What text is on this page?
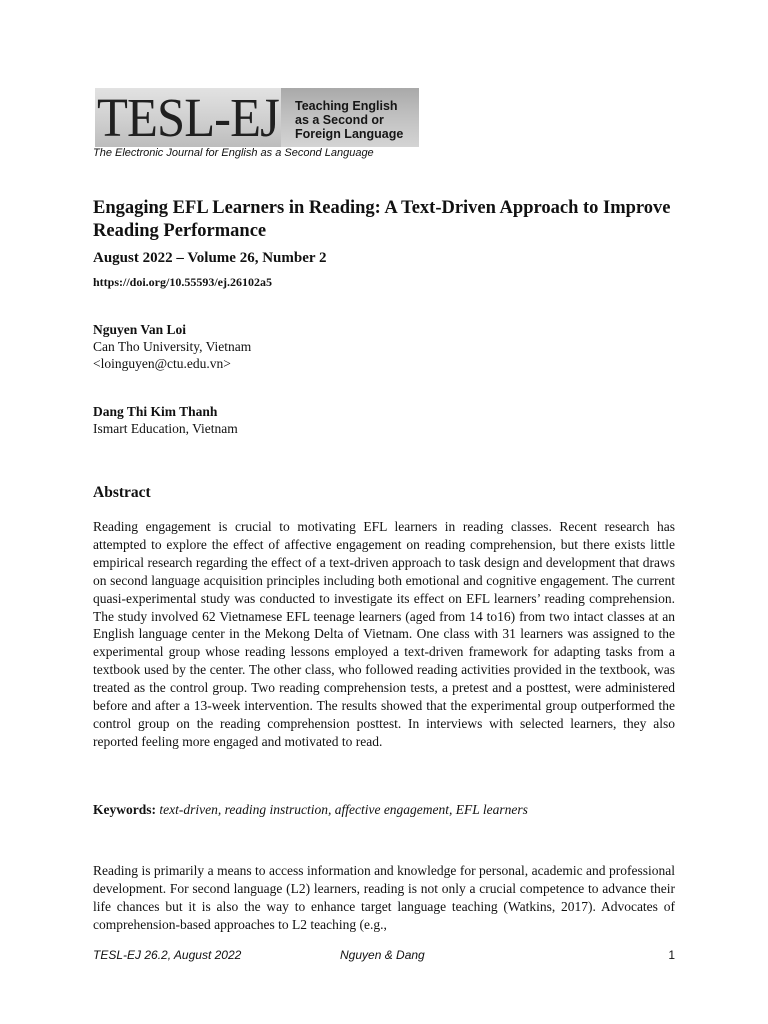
TESL-EJ Teaching English
as a Second or
Foreign Language
The Electronic Journal for English as a Second Language
Engaging EFL Learners in Reading: A Text-Driven Approach to Improve Reading Performance
August 2022 – Volume 26, Number 2
https://doi.org/10.55593/ej.26102a5
Nguyen Van Loi
Can Tho University, Vietnam
<loinguyen@ctu.edu.vn>
Dang Thi Kim Thanh
Ismart Education, Vietnam
Abstract

Reading engagement is crucial to motivating EFL learners in reading classes. Recent research has attempted to explore the effect of affective engagement on reading comprehension, but there exists little empirical research regarding the effect of a text-driven approach to task design and development that draws on second language acquisition principles including both emotional and cognitive engagement. The current quasi-experimental study was conducted to investigate its effect on EFL learners’ reading comprehension. The study involved 62 Vietnamese EFL teenage learners (aged from 14 to16) from two intact classes at an English language center in the Mekong Delta of Vietnam. One class with 31 learners was assigned to the experimental group whose reading lessons employed a text-driven framework for adapting tasks from a textbook used by the center. The other class, who followed reading activities provided in the textbook, was treated as the control group. Two reading comprehension tests, a pretest and a posttest, were administered before and after a 13-week intervention. The results showed that the experimental group outperformed the control group on the reading comprehension posttest. In interviews with selected learners, they also reported feeling more engaged and motivated to read.

Keywords: text-driven, reading instruction, affective engagement, EFL learners

Reading is primarily a means to access information and knowledge for personal, academic and professional development. For second language (L2) learners, reading is not only a crucial competence to advance their life chances but it is also the way to enhance target language teaching (Watkins, 2017). Advocates of comprehension-based approaches to L2 teaching (e.g.,

TESL-EJ 26.2, August 2022	Nguyen & Dang	1
